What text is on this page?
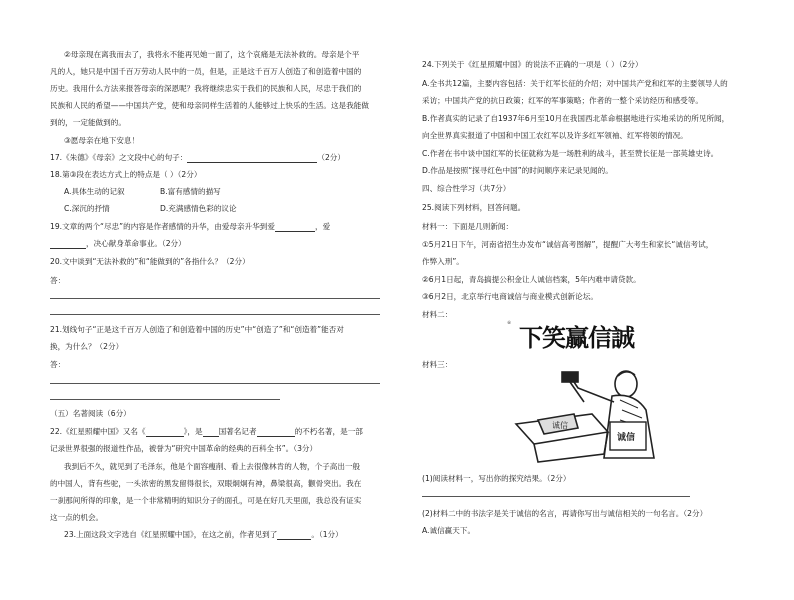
②母亲现在离我而去了，我将永不能再见她一面了，这个哀痛是无法补救的。母亲是个平
凡的人，她只是中国千百万劳动人民中的一员，但是，正是这千百万人创造了和创造着中国的
历史。我用什么方法来报答母亲的深恩呢？我将继续忠实于我们的民族和人民，尽忠于我们的
民族和人民的希望——中国共产党，使和母亲同样生活着的人能够过上快乐的生活。这是我能做
到的，一定能做到的。
③愿母亲在地下安息！
17.《朱德》《母亲》之文段中心的句子：	（2分）
18.第③段在表达方式上的特点是（ ）（2分）
A.具体生动的记叙	B.富有感情的描写
C.深沉的抒情	D.充满感情色彩的议论
19.文章的两个“尽忠”的内容是作者感情的升华，由爱母亲升华到爱	，爱
，决心献身革命事业。（2分）
20.文中谈到“无法补救的”和“能做到的”各指什么？（2分）
答：
21.划线句子“正是这千百万人创造了和创造着中国的历史”中“创造了”和“创造着”能否对
换，为什么？（2分）
答：
（五）名著阅读（6分）
22.《红星照耀中国》又名《	》，是 国著名记者	的不朽名著，是一部
记录世界很强的报道性作品，被誉为“研究中国革命的经典的百科全书”。（3分）
我到后不久，就见到了毛泽东，他是个面容瘦削、看上去很像林肯的人物，个子高出一般
的中国人，背有些驼，一头浓密的黑发留得很长，双眼炯炯有神，鼻梁很高，颧骨突出。我在
一刹那间所得的印象，是一个非常精明的知识分子的面孔，可是在好几天里面，我总没有证实
这一点的机会。
23.上面这段文字选自《红星照耀中国》，在这之前，作者见到了	。（1分）
24.下列关于《红星照耀中国》的说法不正确的一项是（ ）（2分）
A.全书共12篇，主要内容包括：关于红军长征的介绍；对中国共产党和红军的主要领导人的
采访；中国共产党的抗日政策；红军的军事策略；作者的一整个采访经历和感受等。
B.作者真实的记录了自1937年6月至10月在我国西北革命根据地进行实地采访的所见所闻，
向全世界真实报道了中国和中国工农红军以及许多红军领袖、红军将领的情况。
C.作者在书中谈中国红军的长征就称为是一场胜利的战斗，甚至赞长征是一部英雄史诗。
D.作品是按照“探寻红色中国”的时间顺序来记录见闻的。
四、综合性学习（共7分）
25.阅读下列材料，回答问题。
材料一：下面是几则新闻：
①5月21日下午，河南省招生办发布“诚信高考图解”，提醒广大考生和家长“诚信考试，
作弊入刑”。
②6月1日起，青岛搞提公积金让人诚信档案，5年内难申请贷款。
③6月2日，北京举行电商诚信与商业模式创新论坛。
材料二：
※ 下笑赢信誠
材料三：
诚信
诚信
(1)阅读材料一，写出你的探究结果。（2分）
(2)材料二中的书法字是关于诚信的名言，再请你写出与诚信相关的一句名言。（2分）
A.诚信赢天下。
